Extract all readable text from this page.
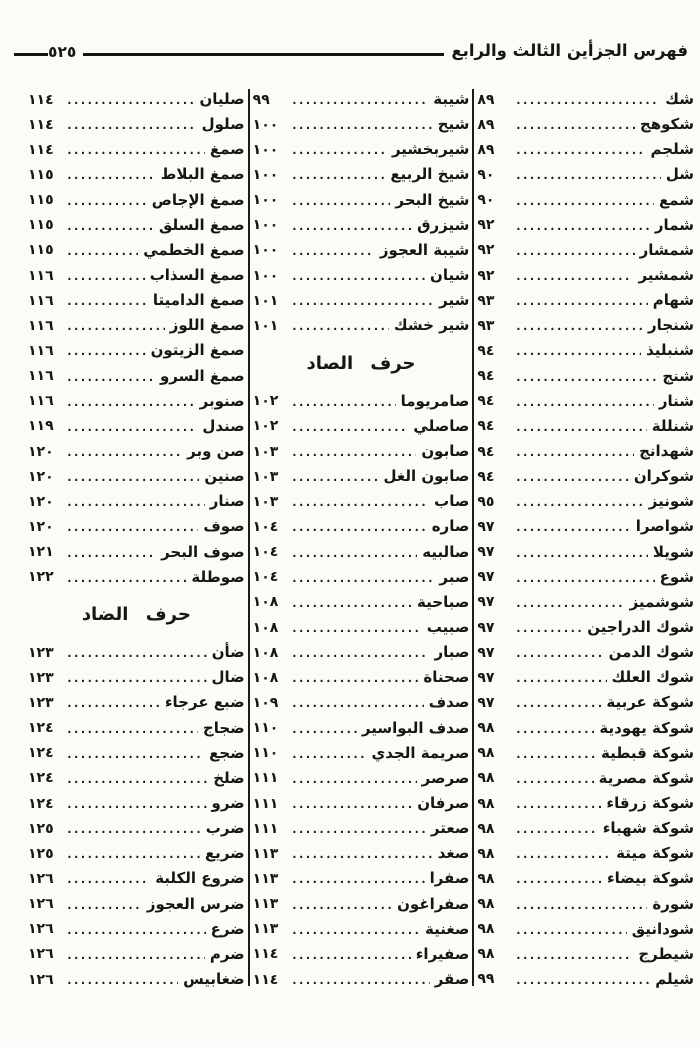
فهرس الجزأين الثالث والرابع
٥٢٥
شك
٨٩
شكوهج
٨٩
شلجم
٨٩
شل
٩٠
شمع
٩٠
شمار
٩٢
شمشار
٩٢
شمشير
٩٢
شهام
٩٣
شنجار
٩٣
شنبليذ
٩٤
شنج
٩٤
شنار
٩٤
شنللة
٩٤
شهدانج
٩٤
شوكران
٩٤
شونيز
٩٥
شواصرا
٩٧
شويلا
٩٧
شوع
٩٧
شوشميز
٩٧
شوك الدراجين
٩٧
شوك الدمن
٩٧
شوك العلك
٩٧
شوكة عربية
٩٧
شوكة يهودية
٩٨
شوكة قبطية
٩٨
شوكة مصرية
٩٨
شوكة زرقاء
٩٨
شوكة شهباء
٩٨
شوكة ميتة
٩٨
شوكة بيضاء
٩٨
شورة
٩٨
شودانيق
٩٨
شيطرج
٩٨
شيلم
٩٩
شيبة
٩٩
شيح
١٠٠
شيربخشير
١٠٠
شيخ الربيع
١٠٠
شيخ البحر
١٠٠
شيزرق
١٠٠
شيبة العجوز
١٠٠
شيان
١٠٠
شير
١٠١
شير خشك
١٠١
حرف الصاد
صامريوما
١٠٢
صاصلي
١٠٢
صابون
١٠٣
صابون الغل
١٠٣
صاب
١٠٣
صاره
١٠٤
صالبيه
١٠٤
صبر
١٠٤
صباحية
١٠٨
صبيب
١٠٨
صبار
١٠٨
صحناة
١٠٨
صدف
١٠٩
صدف البواسير
١١٠
صريمة الجدي
١١٠
صرصر
١١١
صرفان
١١١
صعتر
١١١
صغد
١١٣
صفرا
١١٣
صفراغون
١١٣
صغنية
١١٣
صفيراء
١١٤
صقر
١١٤
صليان
١١٤
صلول
١١٤
صمغ
١١٤
صمغ البلاط
١١٥
صمغ الإجاص
١١٥
صمغ السلق
١١٥
صمغ الخطمي
١١٥
صمغ السذاب
١١٦
صمغ الداميتا
١١٦
صمغ اللوز
١١٦
صمغ الزيتون
١١٦
صمغ السرو
١١٦
صنوبر
١١٦
صندل
١١٩
صن وبر
١٢٠
صنين
١٢٠
صنار
١٢٠
صوف
١٢٠
صوف البحر
١٢١
صوطلة
١٢٢
حرف الضاد
ضأن
١٢٣
ضال
١٢٣
ضبع عرجاء
١٢٣
ضجاج
١٢٤
ضجع
١٢٤
ضلخ
١٢٤
ضرو
١٢٤
ضرب
١٢٥
ضريع
١٢٥
ضروع الكلبة
١٢٦
ضرس العجوز
١٢٦
ضرع
١٢٦
ضرم
١٢٦
ضغابيس
١٢٦
